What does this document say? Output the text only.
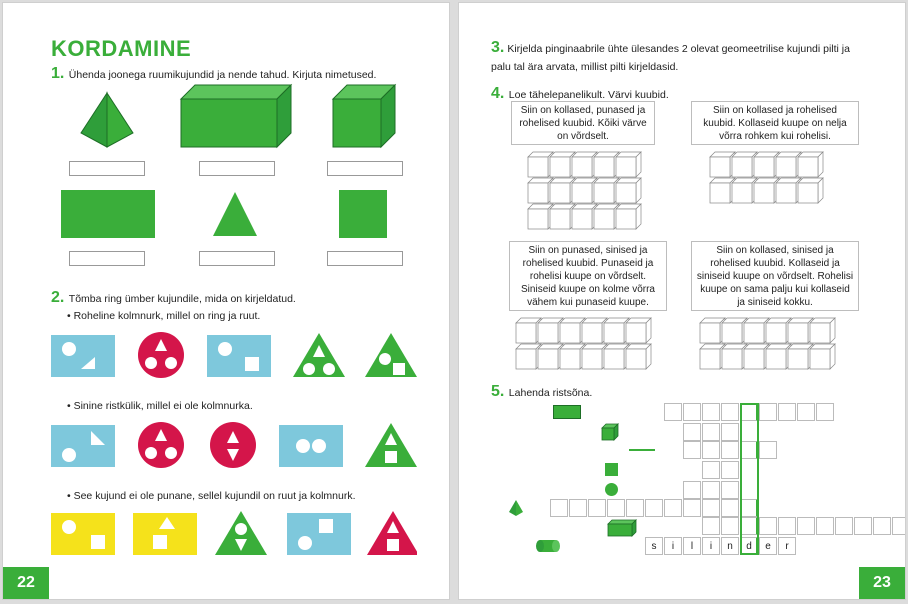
KORDAMINE
1. Ühenda joonega ruumikujundid ja nende tahud. Kirjuta nimetused.
2. Tõmba ring ümber kujundile, mida on kirjeldatud.
• Roheline kolmnurk, millel on ring ja ruut.
• Sinine ristkülik, millel ei ole kolmnurka.
• See kujund ei ole punane, sellel kujundil on ruut ja kolmnurk.
22
3. Kirjelda pinginaabrile ühte ülesandes 2 olevat geomeetrilise kujundi pilti ja palu tal ära arvata, millist pilti kirjeldasid.
4. Loe tähelepanelikult. Värvi kuubid.
Siin on kollased, punased ja rohelised kuubid. Kõiki värve on võrdselt.
Siin on kollased ja rohelised kuubid. Kollaseid kuupe on nelja võrra rohkem kui rohelisi.
Siin on punased, sinised ja rohelised kuubid. Punaseid ja rohelisi kuupe on võrdselt. Siniseid kuupe on kolme võrra vähem kui punaseid kuupe.
Siin on kollased, sinised ja rohelised kuubid. Kollaseid ja siniseid kuupe on võrdselt. Rohelisi kuupe on sama palju kui kollaseid ja siniseid kokku.
5. Lahenda ristsõna.
s	i	l	i	n	d	e	r
23
